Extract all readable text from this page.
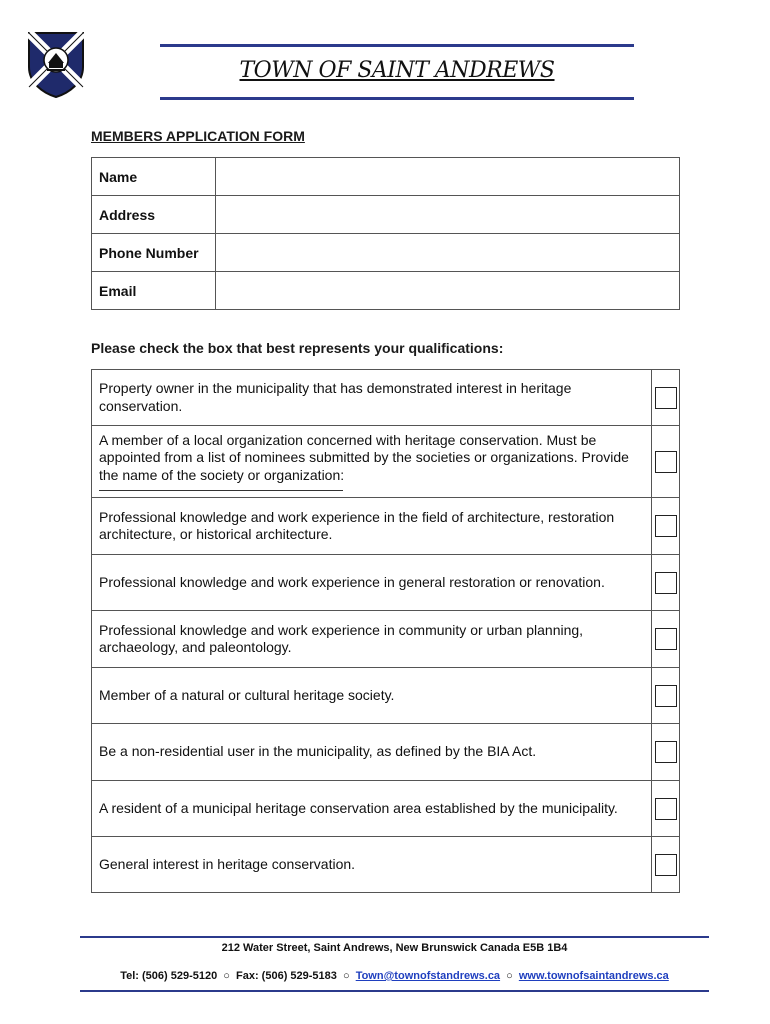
TOWN OF SAINT ANDREWS
MEMBERS APPLICATION FORM
Name	
Address	
Phone Number	
Email	
Please check the box that best represents your qualifications:
Property owner in the municipality that has demonstrated interest in heritage conservation.	
A member of a local organization concerned with heritage conservation. Must be appointed from a list of nominees submitted by the societies or organizations. Provide the name of the society or organization:

Professional knowledge and work experience in the field of architecture, restoration architecture, or historical architecture.	
Professional knowledge and work experience in general restoration or renovation.	
Professional knowledge and work experience in community or urban planning, archaeology, and paleontology.	
Member of a natural or cultural heritage society.	
Be a non-residential user in the municipality, as defined by the BIA Act.	
A resident of a municipal heritage conservation area established by the municipality.	
General interest in heritage conservation.	
212 Water Street, Saint Andrews, New Brunswick Canada E5B 1B4
Tel: (506) 529-5120 ○ Fax: (506) 529-5183 ○ Town@townofstandrews.ca ○ www.townofsaintandrews.ca
